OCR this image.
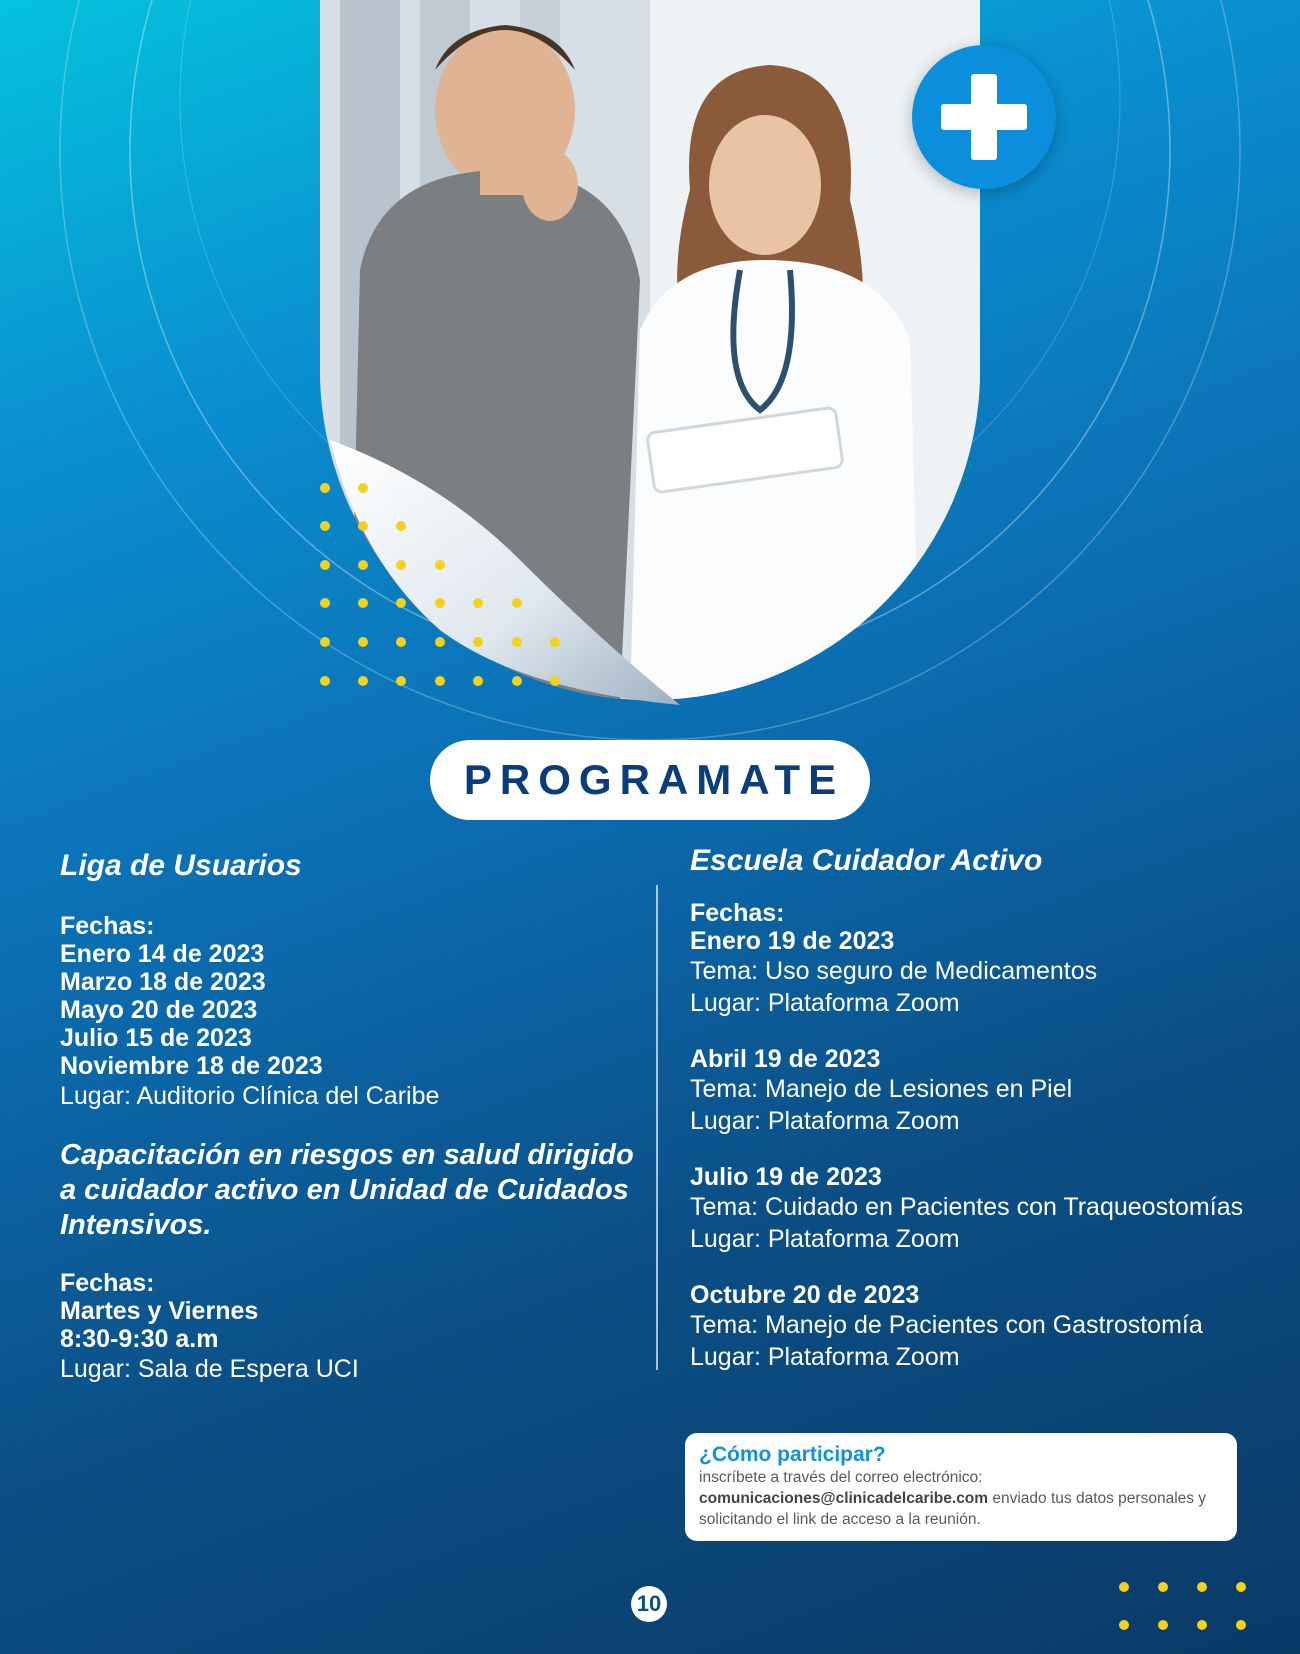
PROGRAMATE
Liga de Usuarios
Fechas:
Enero 14 de 2023
Marzo 18 de 2023
Mayo 20 de 2023
Julio 15 de 2023
Noviembre 18 de 2023
Lugar: Auditorio Clínica del Caribe
Capacitación en riesgos en salud dirigido a cuidador activo en Unidad de Cuidados Intensivos.
Fechas:
Martes y Viernes
8:30-9:30 a.m
Lugar: Sala de Espera UCI
Escuela Cuidador Activo
Fechas:
Enero 19 de 2023
Tema: Uso seguro de Medicamentos
Lugar: Plataforma Zoom
Abril 19 de 2023
Tema: Manejo de Lesiones en Piel
Lugar: Plataforma Zoom
Julio 19 de 2023
Tema: Cuidado en Pacientes con Traqueostomías
Lugar: Plataforma Zoom
Octubre 20 de 2023
Tema: Manejo de Pacientes con Gastrostomía
Lugar: Plataforma Zoom
¿Cómo participar?
inscríbete a través del correo electrónico:
comunicaciones@clinicadelcaribe.com enviado tus datos personales y
solicitando el link de acceso a la reunión.
10
